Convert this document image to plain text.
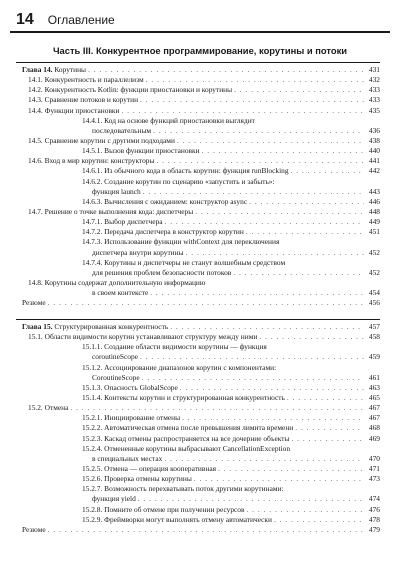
14 Оглавление
Часть III. Конкурентное программирование, корутины и потоки
Глава 14. Корутины . . .	431
14.1. Конкурентность и параллелизм . . .	432
14.2. Конкурентность Kotlin: функции приостановки и корутины . . .	433
14.3. Сравнение потоков и корутин . . .	433
14.4. Функции приостановки . . .	435
14.4.1. Код на основе функций приостановки выглядит
последовательным . . .	436
14.5. Сравнение корутин с другими подходами . . .	438
14.5.1. Вызов функции приостановки . . .	440
14.6. Вход в мир корутин: конструкторы . . .	441
14.6.1. Из обычного кода в область корутин: функция runBlocking . . .	442
14.6.2. Создание корутин по сценарию «запустить и забыть»:
функция launch . . .	443
14.6.3. Вычисления с ожиданием: конструктор async . . .	446
14.7. Решение о точке выполнения кода: диспетчеры . . .	448
14.7.1. Выбор диспетчера . . .	449
14.7.2. Передача диспетчера в конструктор корутин . . .	451
14.7.3. Использование функции withContext для переключения
диспетчера внутри корутины . . .	452
14.7.4. Корутины и диспетчеры не станут волшебным средством
для решения проблем безопасности потоков . . .	452
14.8. Корутины содержат дополнительную информацию
в своем контексте . . .	454
Резюме . . .	456
Глава 15. Структурированная конкурентность . . .	457
15.1. Области видимости корутин устанавливают структуру между ними . . .	458
15.1.1. Создание области видимости корутины — функция
coroutineScope . . .	459
15.1.2. Ассоциирование диапазонов корутин с компонентами:
CoroutineScope . . .	461
15.1.3. Опасность GlobalScope . . .	463
15.1.4. Контексты корутин и структурированная конкурентность . . .	465
15.2. Отмена . . .	467
15.2.1. Инициирование отмены . . .	467
15.2.2. Автоматическая отмена после превышения лимита времени . . .	468
15.2.3. Каскад отмены распространяется на все дочерние объекты . . .	469
15.2.4. Отмененные корутины выбрасывают CancellationException
в специальных местах . . .	470
15.2.5. Отмена — операция кооперативная . . .	471
15.2.6. Проверка отмены корутины . . .	473
15.2.7. Возможность перехватывать поток другими корутинами:
функция yield . . .	474
15.2.8. Помните об отмене при получении ресурсов . . .	476
15.2.9. Фреймворки могут выполнять отмену автоматически . . .	478
Резюме . . .	479
